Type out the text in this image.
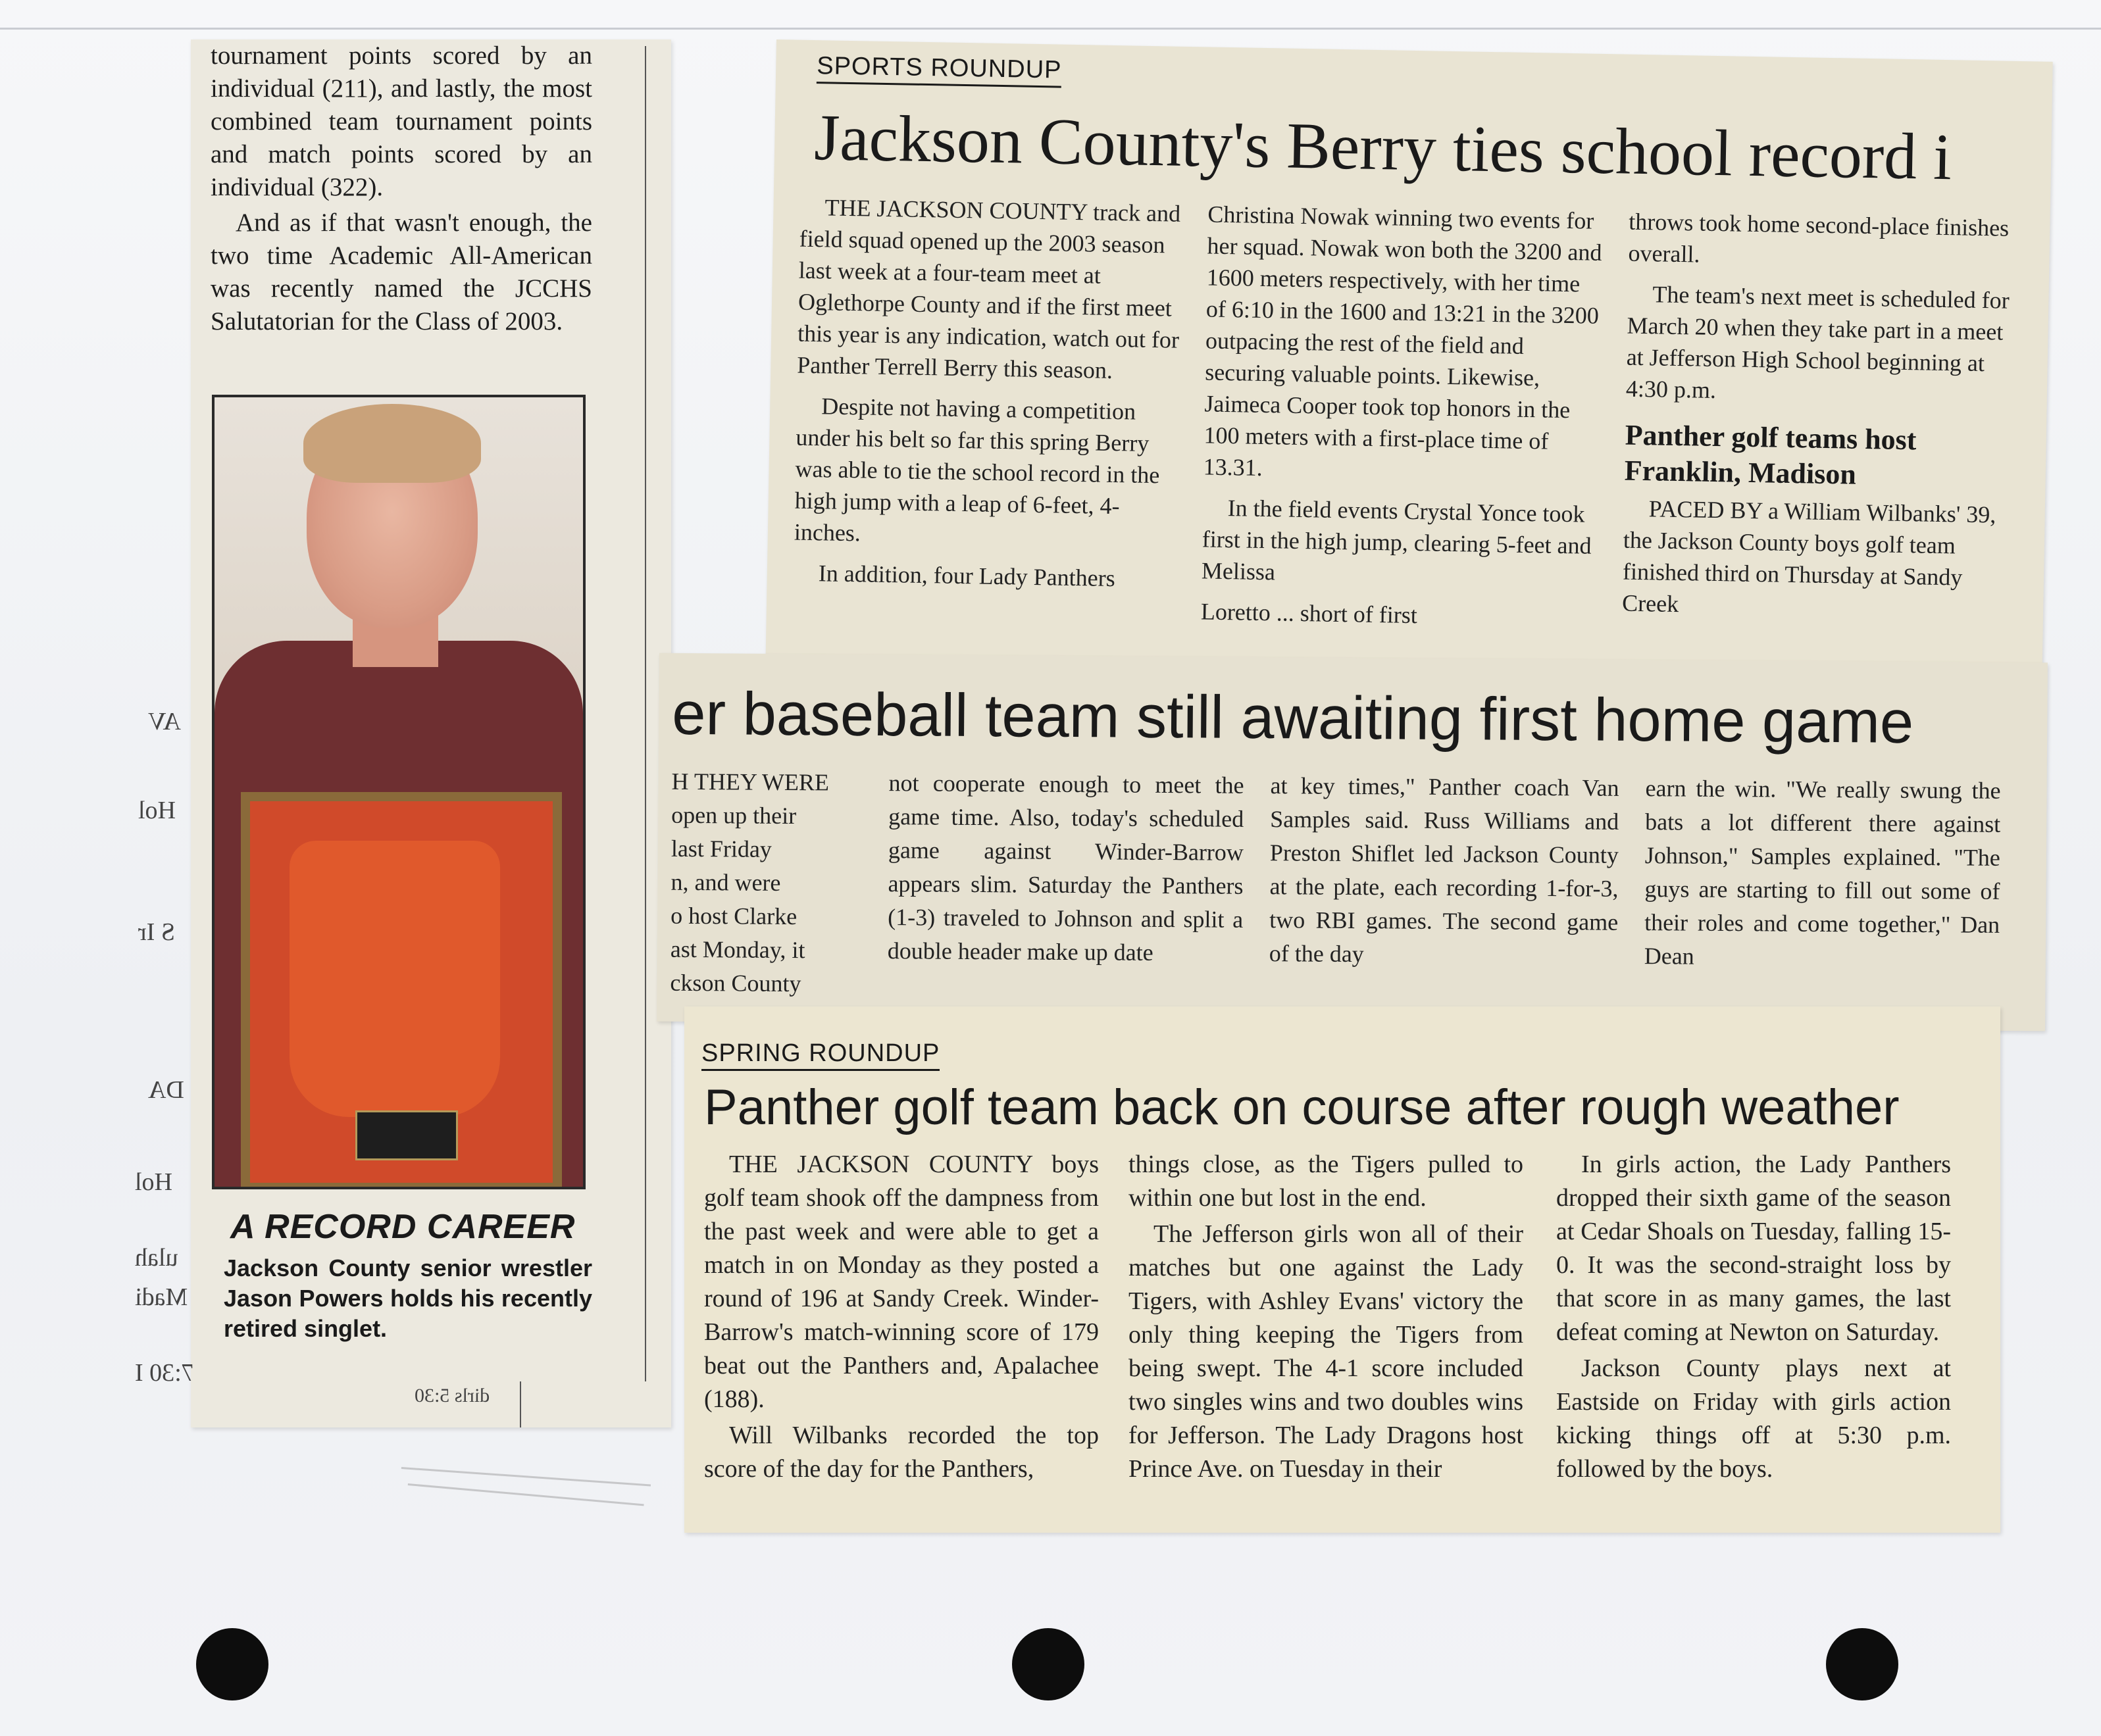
tournament points scored by an individual (211), and lastly, the most combined team tournament points and match points scored by an individual (322).

And as if that wasn't enough, the two time Academic All-American was recently named the JCCHS Salutatorian for the Class of 2003.

A RECORD CAREER
Jackson County senior wrestler Jason Powers holds his recently retired singlet.
dirls 5:30
Hol
S Ir
Hol
ulah
Madi
7:30 I
AV
DA
SPORTS ROUNDUP
Jackson County's Berry ties school record i

THE JACKSON COUNTY track and field squad opened up the 2003 season last week at a four-team meet at Oglethorpe County and if the first meet this year is any indication, watch out for Panther Terrell Berry this season.

Despite not having a competition under his belt so far this spring Berry was able to tie the school record in the high jump with a leap of 6-feet, 4-inches.

In addition, four Lady Panthers

Christina Nowak winning two events for her squad. Nowak won both the 3200 and 1600 meters respectively, with her time of 6:10 in the 1600 and 13:21 in the 3200 outpacing the rest of the field and securing valuable points. Likewise, Jaimeca Cooper took top honors in the 100 meters with a first-place time of 13.31.

In the field events Crystal Yonce took first in the high jump, clearing 5-feet and Melissa

Loretto ... short of first

throws took home second-place finishes overall.

The team's next meet is scheduled for March 20 when they take part in a meet at Jefferson High School beginning at 4:30 p.m.

Panther golf teams host Franklin, Madison

PACED BY a William Wilbanks' 39, the Jackson County boys golf team finished third on Thursday at Sandy Creek

er baseball team still awaiting first home game

H THEY WERE

open up their

last Friday

n, and were

o host Clarke

ast Monday, it

ckson County

not cooperate enough to meet the game time. Also, today's scheduled game against Winder-Barrow appears slim. Saturday the Panthers (1-3) traveled to Johnson and split a double header make up date
at key times," Panther coach Van Samples said. Russ Williams and Preston Shiflet led Jackson County at the plate, each recording 1-for-3, two RBI games. The second game of the day
earn the win. "We really swung the bats a lot different there against Johnson," Samples explained. "The guys are starting to fill out some of their roles and come together," Dan Dean
SPRING ROUNDUP
Panther golf team back on course after rough weather

THE JACKSON COUNTY boys golf team shook off the dampness from the past week and were able to get a match in on Monday as they posted a round of 196 at Sandy Creek. Winder-Barrow's match-winning score of 179 beat out the Panthers and, Apalachee (188).

Will Wilbanks recorded the top score of the day for the Panthers,

things close, as the Tigers pulled to within one but lost in the end.

The Jefferson girls won all of their matches but one against the Lady Tigers, with Ashley Evans' victory the only thing keeping the Tigers from being swept. The 4-1 score included two singles wins and two doubles wins for Jefferson. The Lady Dragons host Prince Ave. on Tuesday in their

In girls action, the Lady Panthers dropped their sixth game of the season at Cedar Shoals on Tuesday, falling 15-0. It was the second-straight loss by that score in as many games, the last defeat coming at Newton on Saturday.

Jackson County plays next at Eastside on Friday with girls action kicking things off at 5:30 p.m. followed by the boys.
